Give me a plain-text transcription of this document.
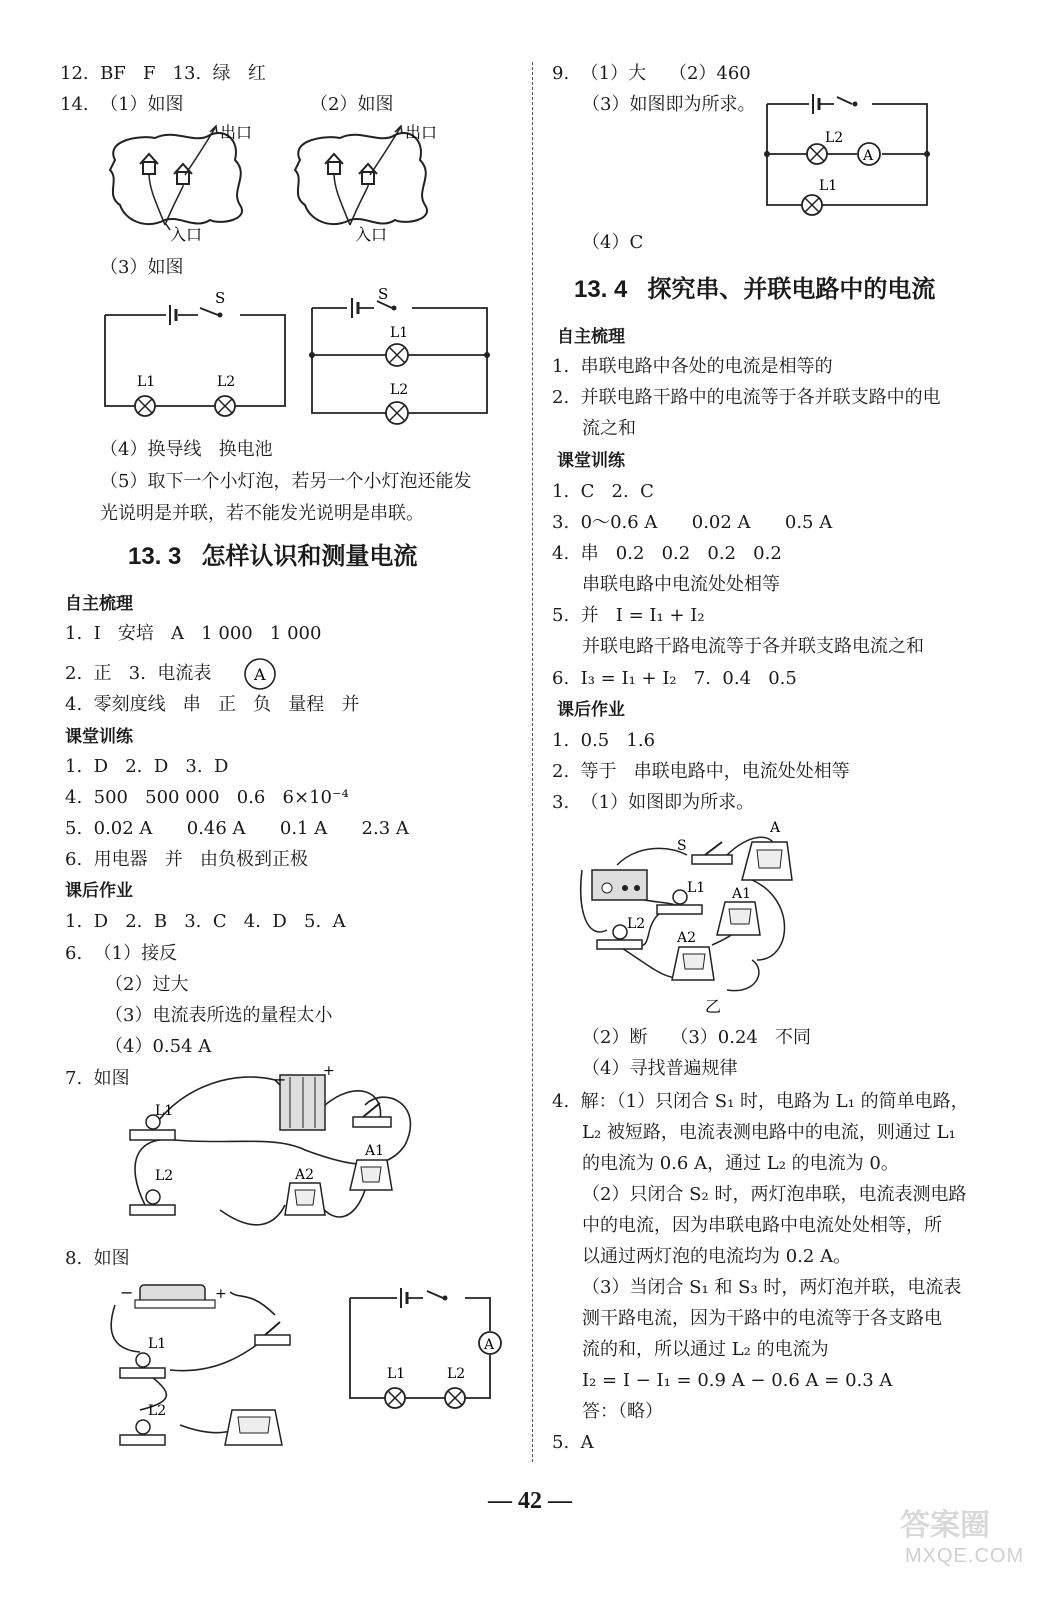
12.  BF   F   13.  绿   红
14.  （1）如图	（2）如图
出口
入口
出口
入口
（3）如图
S
L1	L2
S
L1
L2
（4）换导线   换电池
（5）取下一个小灯泡，若另一个小灯泡还能发
光说明是并联，若不能发光说明是串联。
13. 3   怎样认识和测量电流
自主梳理
1.  I   安培   A   1 000   1 000
2.  正   3.  电流表	A
4.  零刻度线   串   正   负   量程   并
课堂训练
1.  D   2.  D   3.  D
4.  500   500 000   0.6   6×10⁻⁴
5.  0.02 A      0.46 A      0.1 A      2.3 A
6.  用电器   并   由负极到正极
课后作业
1.  D   2.  B   3.  C   4.  D   5.  A
6.  （1）接反
（2）过大
（3）电流表所选的量程太小
（4）0.54 A
7.  如图	−	+
L1
L2	A2
A1
8.  如图
−	+
L1
L2
A
L1	L2
9.  （1）大    （2）460
（3）如图即为所求。
L2
A
L1
（4）C
13. 4   探究串、并联电路中的电流
自主梳理
1.  串联电路中各处的电流是相等的
2.  并联电路干路中的电流等于各并联支路中的电
流之和
课堂训练
1.  C   2.  C
3.  0～0.6 A      0.02 A      0.5 A
4.  串   0.2   0.2   0.2   0.2
串联电路中电流处处相等
5.  并   I = I₁ + I₂
并联电路干路电流等于各并联支路电流之和
6.  I₃ = I₁ + I₂   7.  0.4   0.5
课后作业
1.  0.5   1.6
2.  等于   串联电路中，电流处处相等
3.  （1）如图即为所求。
S
A
L1 A1
L2
A2
乙
（2）断    （3）0.24   不同
（4）寻找普遍规律
4.  解：（1）只闭合 S₁ 时，电路为 L₁ 的简单电路，
L₂ 被短路，电流表测电路中的电流，则通过 L₁
的电流为 0.6 A，通过 L₂ 的电流为 0。
（2）只闭合 S₂ 时，两灯泡串联，电流表测电路
中的电流，因为串联电路中电流处处相等，所
以通过两灯泡的电流均为 0.2 A。
（3）当闭合 S₁ 和 S₃ 时，两灯泡并联，电流表
测干路电流，因为干路中的电流等于各支路电
流的和，所以通过 L₂ 的电流为
I₂ = I − I₁ = 0.9 A − 0.6 A = 0.3 A
答：（略）
5.  A
— 42 —
答案圈
MXQE.COM
